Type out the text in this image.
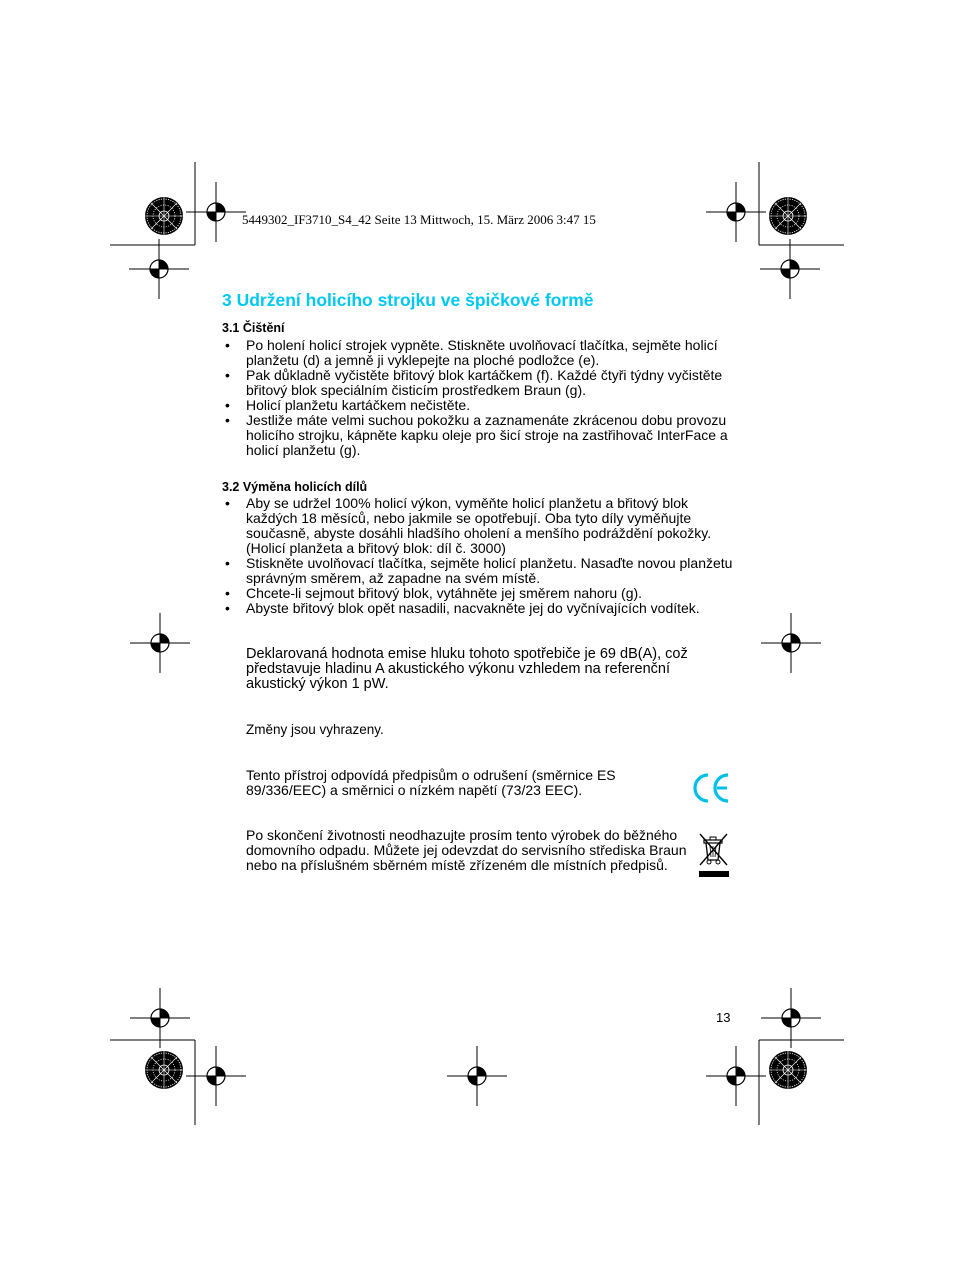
5449302_IF3710_S4_42 Seite 13 Mittwoch, 15. März 2006 3:47 15
3 Udržení holicího strojku ve špičkové formě
3.1 Čištění
• Po holení holicí strojek vypněte. Stiskněte uvolňovací tlačítka, sejměte holicí planžetu (d) a jemně ji vyklepejte na ploché podložce (e).
• Pak důkladně vyčistěte břitový blok kartáčkem (f). Každé čtyři týdny vyčistěte břitový blok speciálním čisticím prostředkem Braun (g).
• Holicí planžetu kartáčkem nečistěte.
• Jestliže máte velmi suchou pokožku a zaznamenáte zkrácenou dobu provozu holicího strojku, kápněte kapku oleje pro šicí stroje na zastřihovač InterFace a holicí planžetu (g).
3.2 Výměna holicích dílů
• Aby se udržel 100% holicí výkon, vyměňte holicí planžetu a břitový blok každých 18 měsíců, nebo jakmile se opotřebují. Oba tyto díly vyměňujte současně, abyste dosáhli hladšího oholení a menšího podráždění pokožky. (Holicí planžeta a břitový blok: díl č. 3000)
• Stiskněte uvolňovací tlačítka, sejměte holicí planžetu. Nasaďte novou planžetu správným směrem, až zapadne na svém místě.
• Chcete-li sejmout břitový blok, vytáhněte jej směrem nahoru (g).
• Abyste břitový blok opět nasadili, nacvakněte jej do vyčnívajících vodítek.
Deklarovaná hodnota emise hluku tohoto spotřebiče je 69 dB(A), což představuje hladinu A akustického výkonu vzhledem na referenční akustický výkon 1 pW.
Změny jsou vyhrazeny.
Tento přístroj odpovídá předpisům o odrušení (směrnice ES 89/336/EEC) a směrnici o nízkém napětí (73/23 EEC).
Po skončení životnosti neodhazujte prosím tento výrobek do běžného domovního odpadu. Můžete jej odevzdat do servisního střediska Braun nebo na příslušném sběrném místě zřízeném dle místních předpisů.
13
